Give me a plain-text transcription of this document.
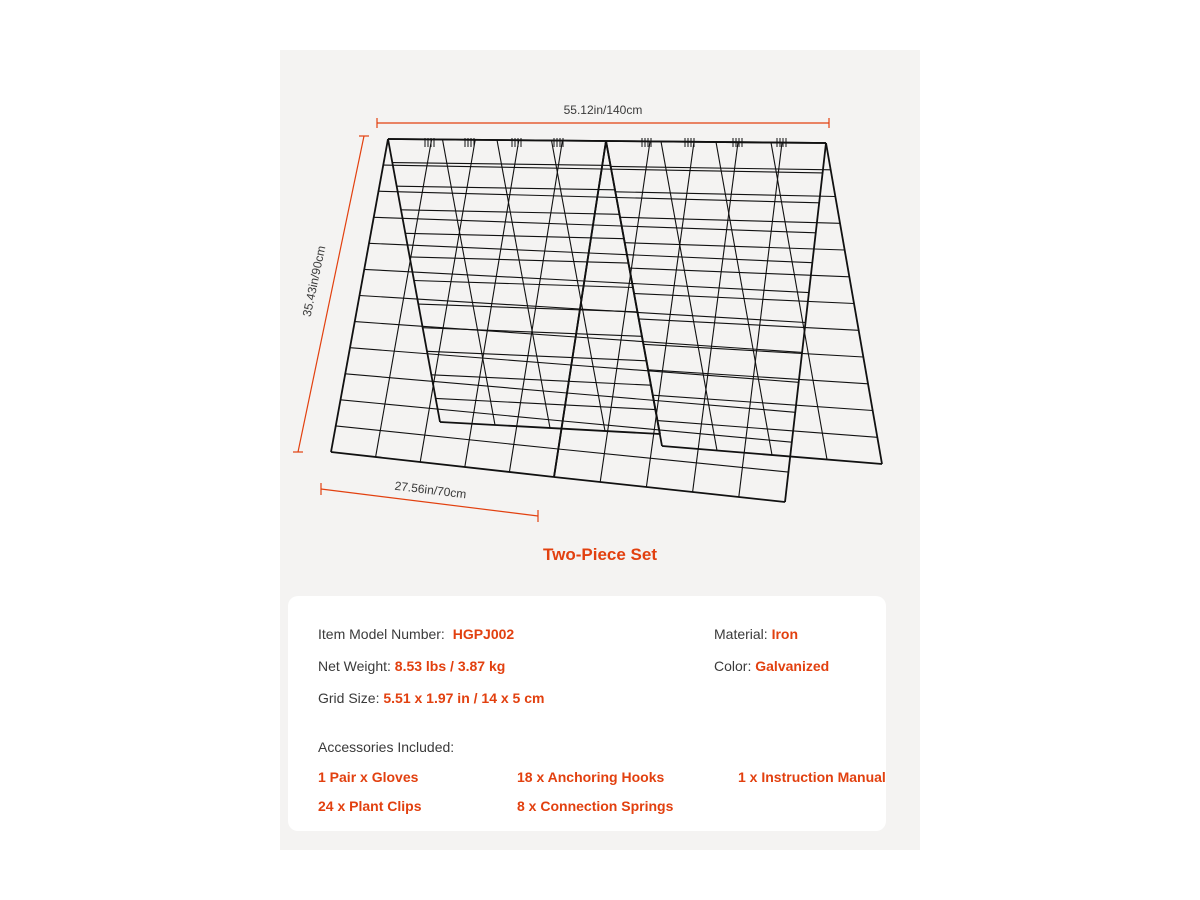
55.12in/140cm
35.43in/90cm
27.56in/70cm
Two-Piece Set
Item Model Number: HGPJ002
Net Weight: 8.53 lbs / 3.87 kg
Grid Size: 5.51 x 1.97 in / 14 x 5 cm
Material: Iron
Color: Galvanized
Accessories Included:
1 Pair x Gloves	18 x Anchoring Hooks	1 x Instruction Manual
24 x Plant Clips	8 x Connection Springs
